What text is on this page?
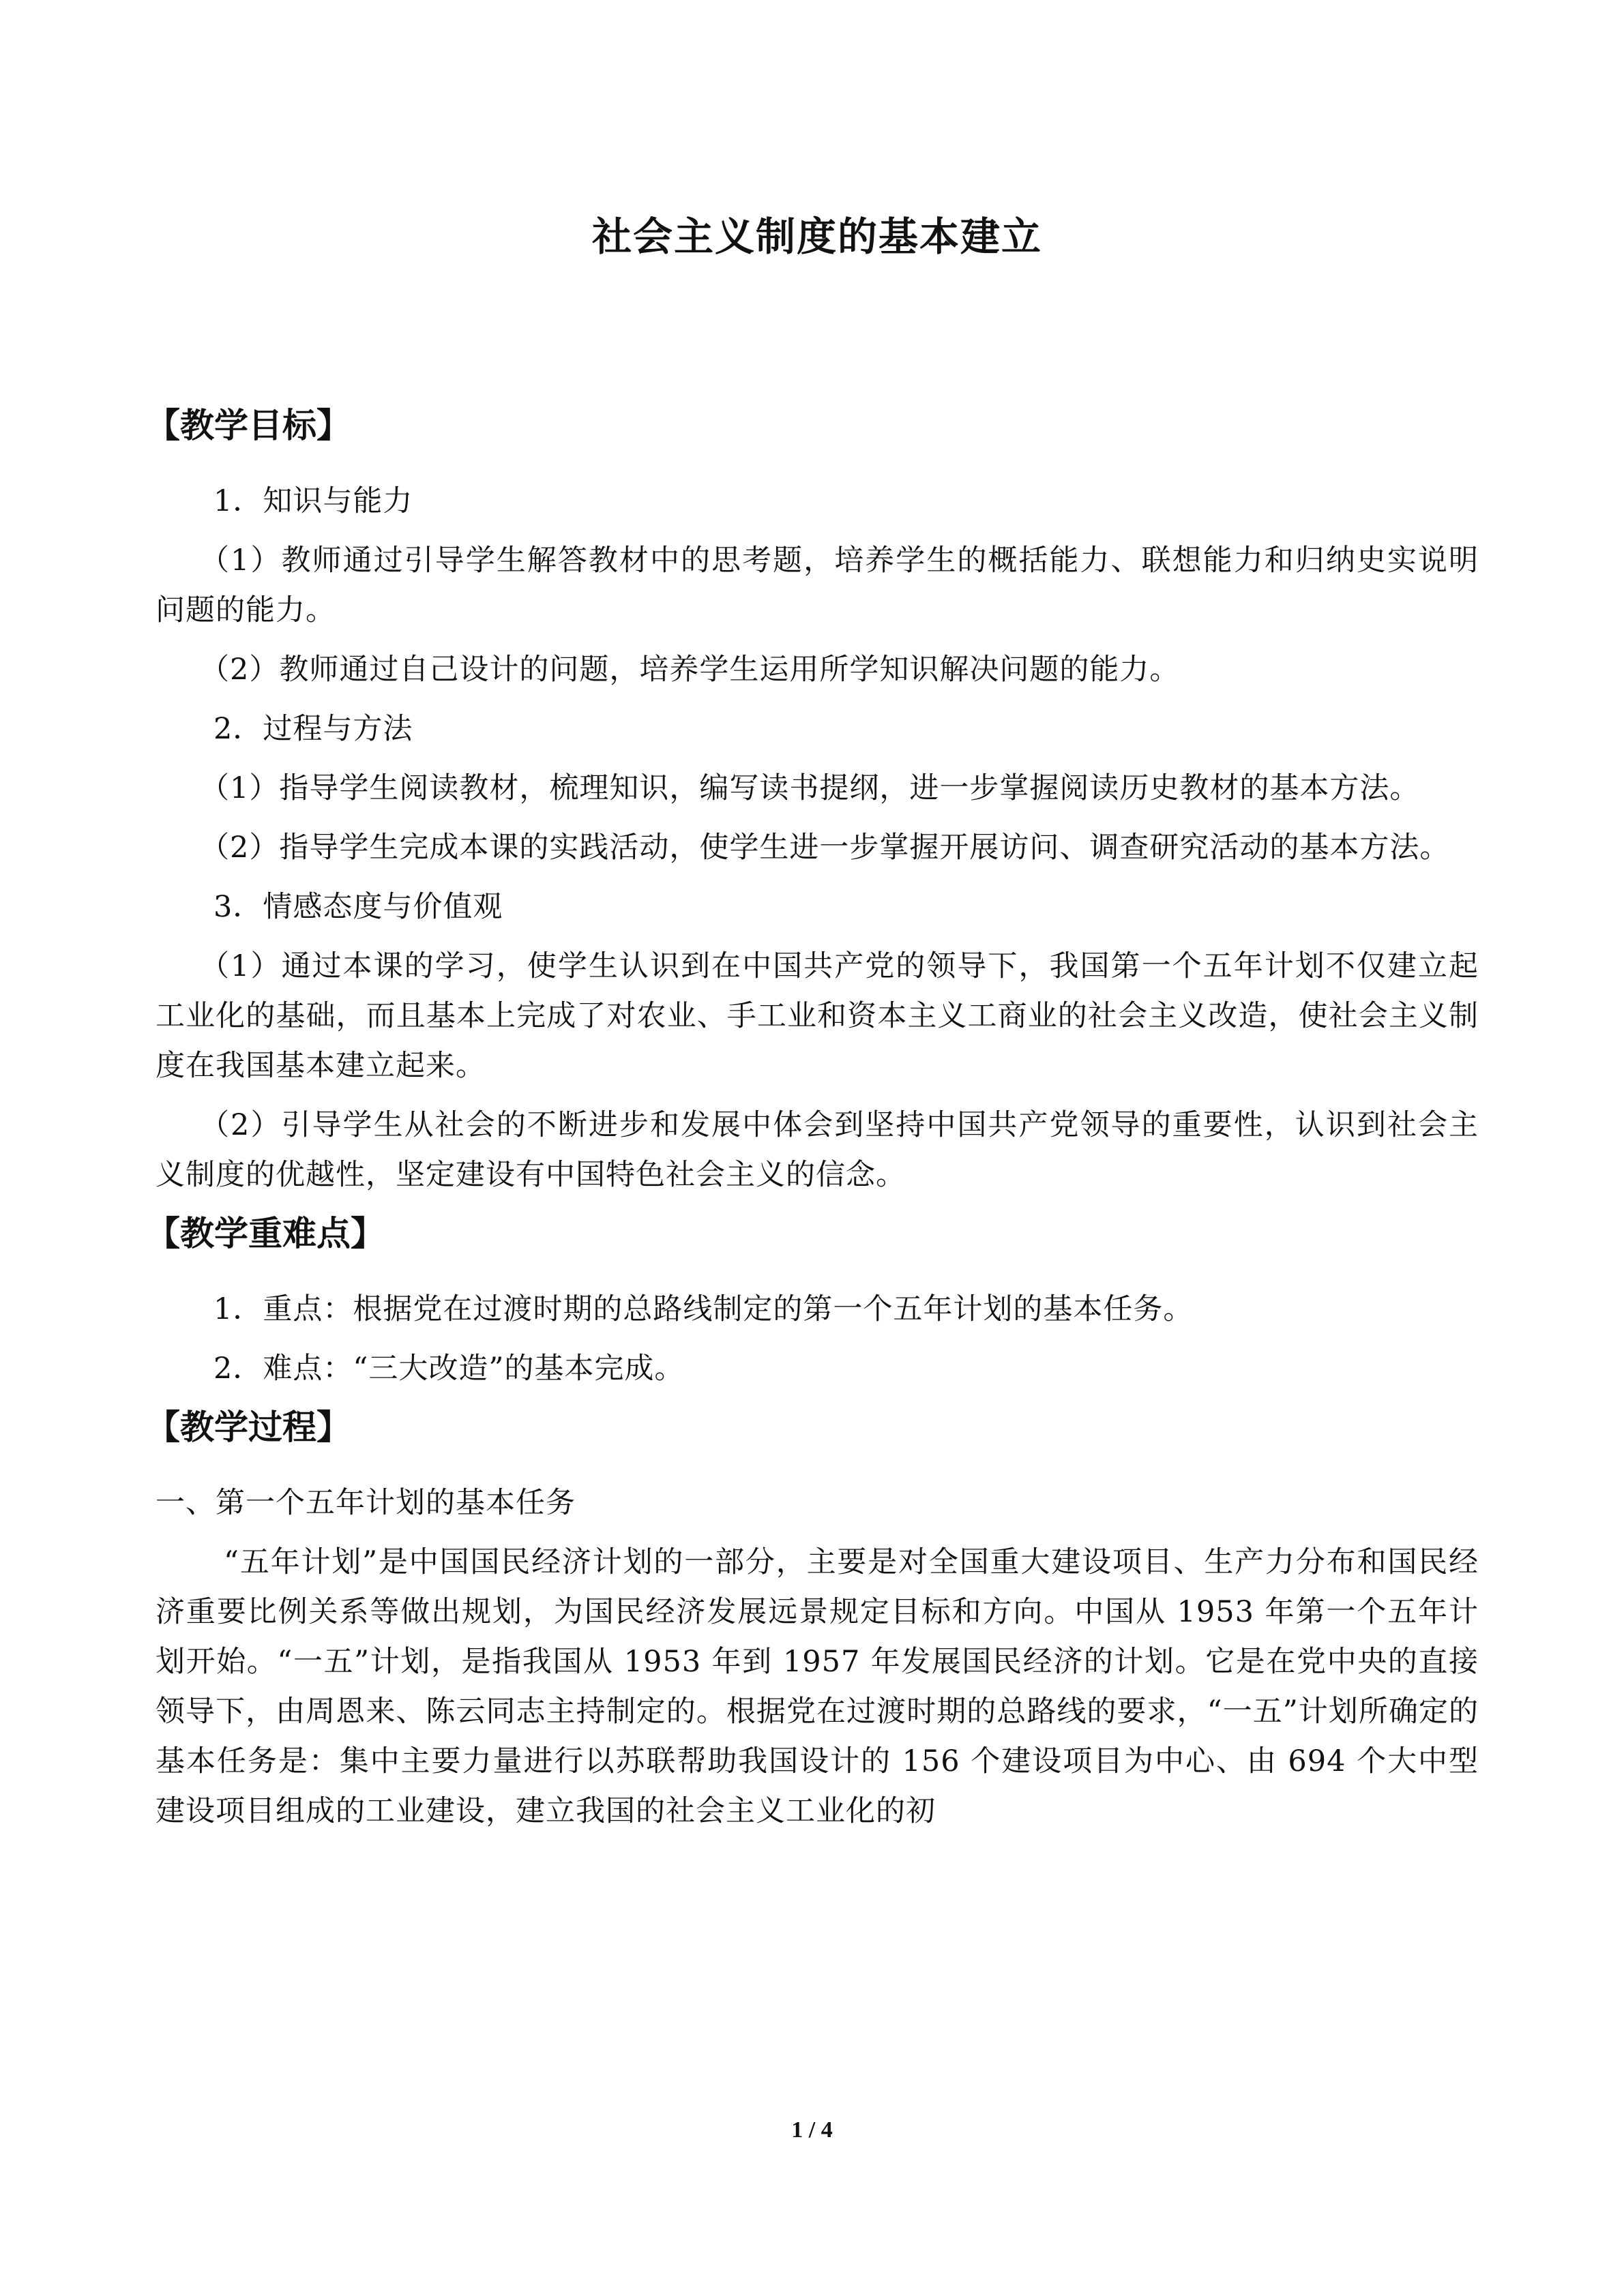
社会主义制度的基本建立
【教学目标】
1．知识与能力
（1）教师通过引导学生解答教材中的思考题，培养学生的概括能力、联想能力和归纳史实说明问题的能力。
（2）教师通过自己设计的问题，培养学生运用所学知识解决问题的能力。
2．过程与方法
（1）指导学生阅读教材，梳理知识，编写读书提纲，进一步掌握阅读历史教材的基本方法。
（2）指导学生完成本课的实践活动，使学生进一步掌握开展访问、调查研究活动的基本方法。
3．情感态度与价值观
（1）通过本课的学习，使学生认识到在中国共产党的领导下，我国第一个五年计划不仅建立起工业化的基础，而且基本上完成了对农业、手工业和资本主义工商业的社会主义改造，使社会主义制度在我国基本建立起来。
（2）引导学生从社会的不断进步和发展中体会到坚持中国共产党领导的重要性，认识到社会主义制度的优越性，坚定建设有中国特色社会主义的信念。
【教学重难点】
1．重点：根据党在过渡时期的总路线制定的第一个五年计划的基本任务。
2．难点：“三大改造”的基本完成。
【教学过程】
一、第一个五年计划的基本任务
“五年计划”是中国国民经济计划的一部分，主要是对全国重大建设项目、生产力分布和国民经济重要比例关系等做出规划，为国民经济发展远景规定目标和方向。中国从 1953 年第一个五年计划开始。“一五”计划，是指我国从 1953 年到 1957 年发展国民经济的计划。它是在党中央的直接领导下，由周恩来、陈云同志主持制定的。根据党在过渡时期的总路线的要求，“一五”计划所确定的基本任务是：集中主要力量进行以苏联帮助我国设计的 156 个建设项目为中心、由 694 个大中型建设项目组成的工业建设，建立我国的社会主义工业化的初
1 / 4
